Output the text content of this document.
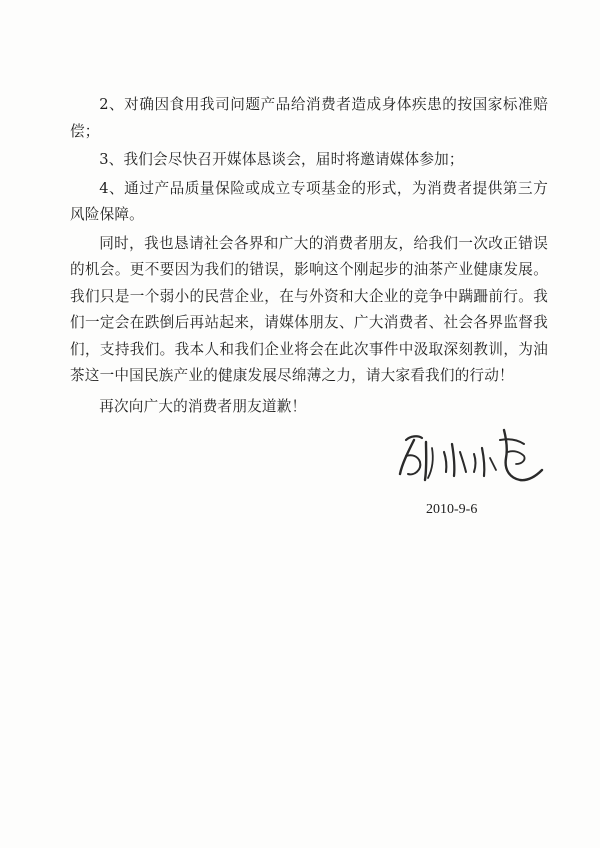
2、对确因食用我司问题产品给消费者造成身体疾患的按国家标准赔偿；

3、我们会尽快召开媒体恳谈会，届时将邀请媒体参加；

4、通过产品质量保险或成立专项基金的形式，为消费者提供第三方风险保障。

同时，我也恳请社会各界和广大的消费者朋友，给我们一次改正错误的机会。更不要因为我们的错误，影响这个刚起步的油茶产业健康发展。我们只是一个弱小的民营企业，在与外资和大企业的竞争中蹒跚前行。我们一定会在跌倒后再站起来，请媒体朋友、广大消费者、社会各界监督我们，支持我们。我本人和我们企业将会在此次事件中汲取深刻教训，为油茶这一中国民族产业的健康发展尽绵薄之力，请大家看我们的行动！

再次向广大的消费者朋友道歉！

2010-9-6
